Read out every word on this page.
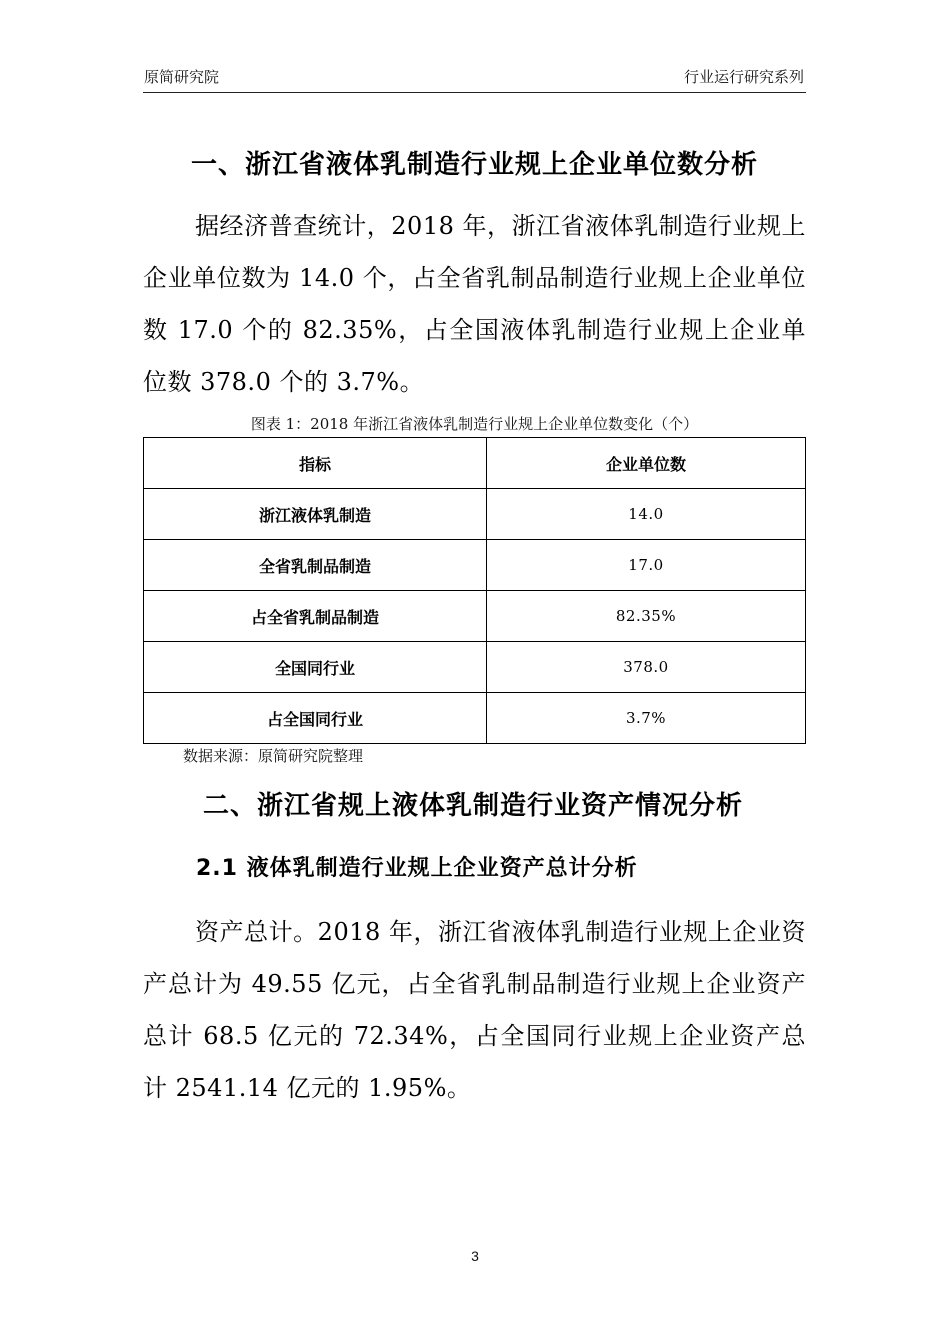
原简研究院	行业运行研究系列
一、浙江省液体乳制造行业规上企业单位数分析
据经济普查统计，2018 年，浙江省液体乳制造行业规上企业单位数为 14.0 个，占全省乳制品制造行业规上企业单位数 17.0 个的 82.35%，占全国液体乳制造行业规上企业单位数 378.0 个的 3.7%。
图表 1：2018 年浙江省液体乳制造行业规上企业单位数变化（个）
指标	企业单位数
浙江液体乳制造	14.0
全省乳制品制造	17.0
占全省乳制品制造	82.35%
全国同行业	378.0
占全国同行业	3.7%
数据来源：原简研究院整理
二、浙江省规上液体乳制造行业资产情况分析
2.1 液体乳制造行业规上企业资产总计分析
资产总计。2018 年，浙江省液体乳制造行业规上企业资产总计为 49.55 亿元，占全省乳制品制造行业规上企业资产总计 68.5 亿元的 72.34%，占全国同行业规上企业资产总计 2541.14 亿元的 1.95%。
3
